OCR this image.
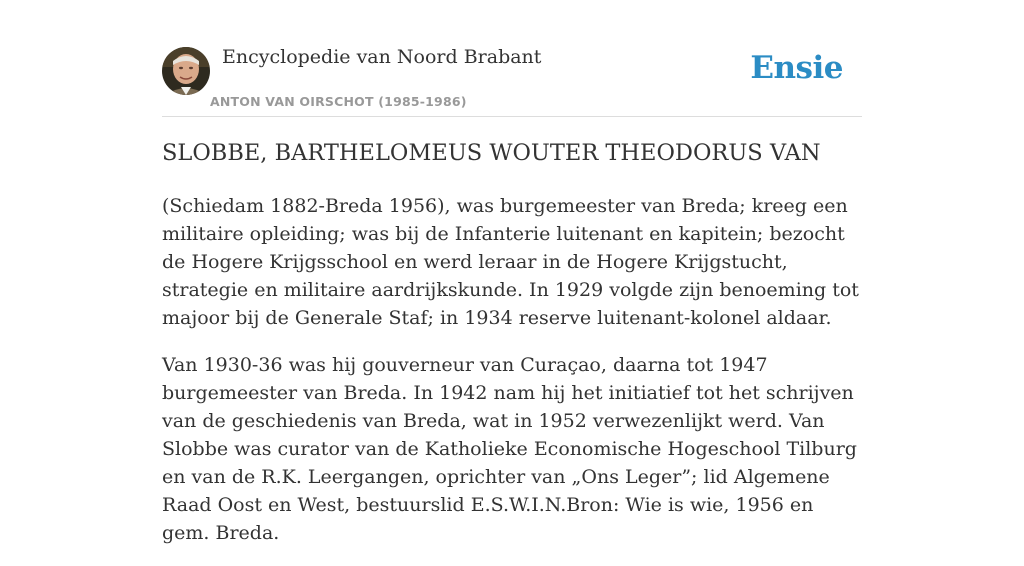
Encyclopedie van Noord Brabant
ANTON VAN OIRSCHOT (1985-1986)
Ensie
SLOBBE, BARTHELOMEUS WOUTER THEODORUS VAN

(Schiedam 1882-Breda 1956), was burgemeester van Breda; kreeg een militaire opleiding; was bij de Infanterie luitenant en kapitein; bezocht de Hogere Krijgsschool en werd leraar in de Hogere Krijgstucht, strategie en militaire aardrijkskunde. In 1929 volgde zijn benoeming tot majoor bij de Generale Staf; in 1934 reserve luitenant-kolonel aldaar.

Van 1930-36 was hij gouverneur van Curaçao, daarna tot 1947 burgemeester van Breda. In 1942 nam hij het initiatief tot het schrijven van de geschiedenis van Breda, wat in 1952 verwezenlijkt werd. Van Slobbe was curator van de Katholieke Economische Hogeschool Tilburg en van de R.K. Leergangen, oprichter van „Ons Leger”; lid Algemene Raad Oost en West, bestuurslid E.S.W.I.N.Bron: Wie is wie, 1956 en gem. Breda.
